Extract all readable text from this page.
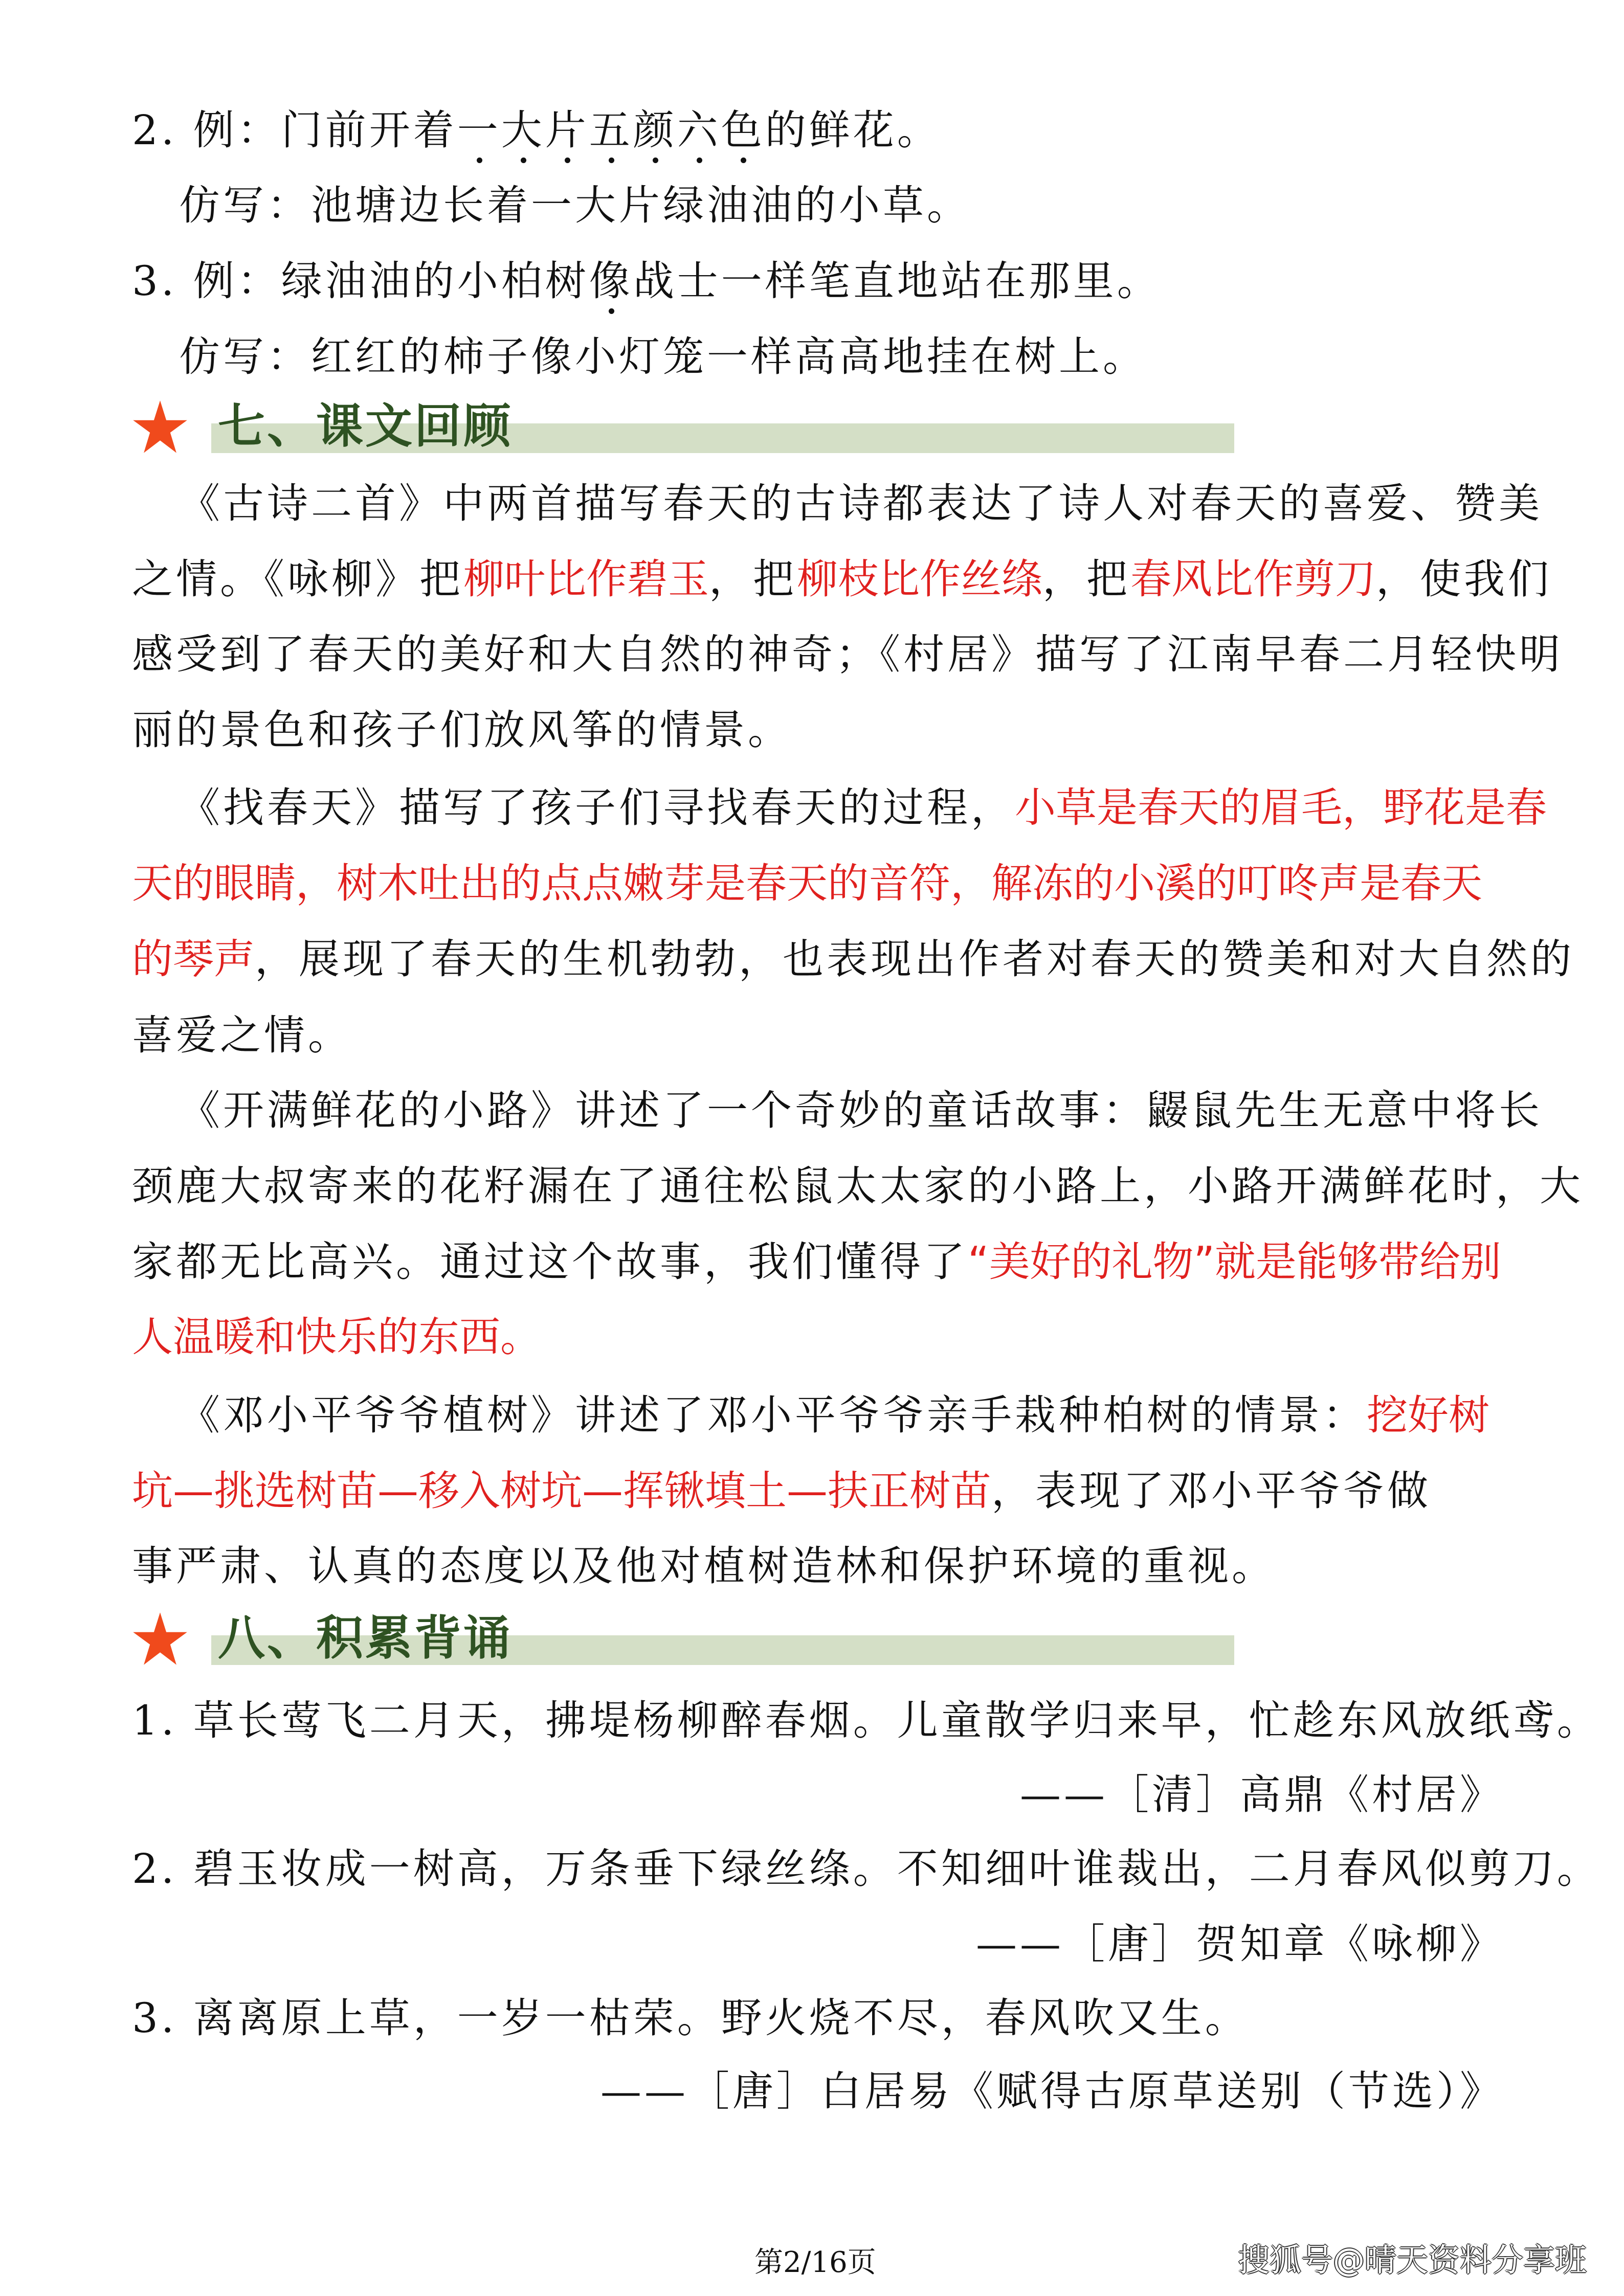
2. 例：门前开着一大片五颜六色的鲜花。
仿写：池塘边长着一大片绿油油的小草。
3. 例：绿油油的小柏树像战士一样笔直地站在那里。
仿写：红红的柿子像小灯笼一样高高地挂在树上。
七、课文回顾
《古诗二首》中两首描写春天的古诗都表达了诗人对春天的喜爱、赞美
之情。《咏柳》把柳叶比作碧玉，把柳枝比作丝绦，把春风比作剪刀，使我们
感受到了春天的美好和大自然的神奇；《村居》描写了江南早春二月轻快明
丽的景色和孩子们放风筝的情景。
《找春天》描写了孩子们寻找春天的过程，小草是春天的眉毛，野花是春
天的眼睛，树木吐出的点点嫩芽是春天的音符，解冻的小溪的叮咚声是春天
的琴声，展现了春天的生机勃勃，也表现出作者对春天的赞美和对大自然的
喜爱之情。
《开满鲜花的小路》讲述了一个奇妙的童话故事：鼹鼠先生无意中将长
颈鹿大叔寄来的花籽漏在了通往松鼠太太家的小路上，小路开满鲜花时，大
家都无比高兴。通过这个故事，我们懂得了“美好的礼物”就是能够带给别
人温暖和快乐的东西。
《邓小平爷爷植树》讲述了邓小平爷爷亲手栽种柏树的情景：挖好树
坑—挑选树苗—移入树坑—挥锹填土—扶正树苗，表现了邓小平爷爷做
事严肃、认真的态度以及他对植树造林和保护环境的重视。
八、积累背诵
1. 草长莺飞二月天，拂堤杨柳醉春烟。儿童散学归来早，忙趁东风放纸鸢。
——［清］高鼎《村居》
2. 碧玉妆成一树高，万条垂下绿丝绦。不知细叶谁裁出，二月春风似剪刀。
——［唐］贺知章《咏柳》
3. 离离原上草，一岁一枯荣。野火烧不尽，春风吹又生。
——［唐］白居易《赋得古原草送别（节选）》
第2/16页	搜狐号@晴天资料分享班
